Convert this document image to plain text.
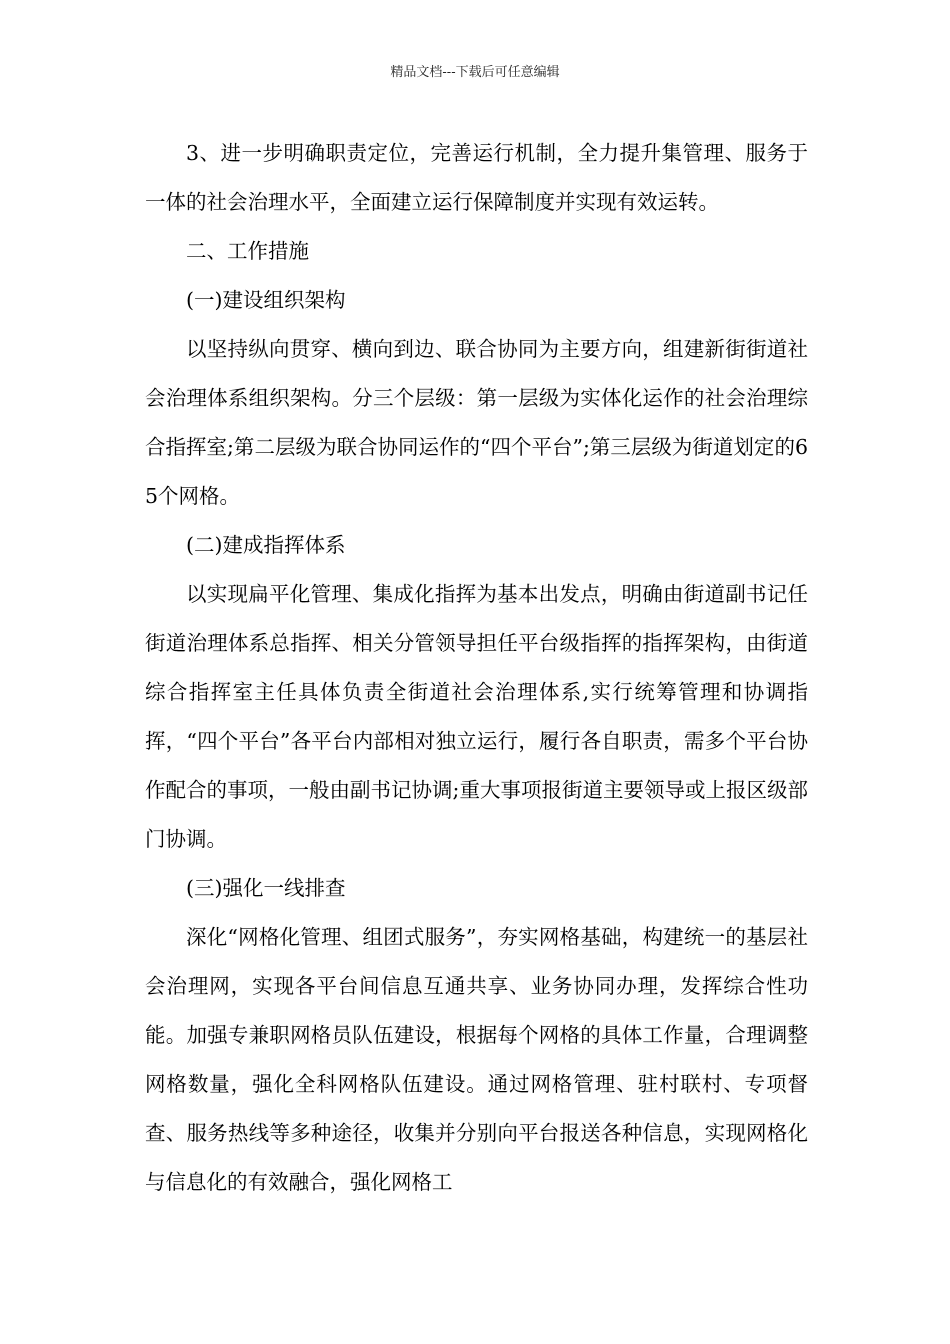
精品文档---下载后可任意编辑

3、进一步明确职责定位，完善运行机制，全力提升集管理、服务于一体的社会治理水平，全面建立运行保障制度并实现有效运转。

二、工作措施

(一)建设组织架构

以坚持纵向贯穿、横向到边、联合协同为主要方向，组建新街街道社会治理体系组织架构。分三个层级：第一层级为实体化运作的社会治理综合指挥室;第二层级为联合协同运作的“四个平台”;第三层级为街道划定的65个网格。

(二)建成指挥体系

以实现扁平化管理、集成化指挥为基本出发点，明确由街道副书记任街道治理体系总指挥、相关分管领导担任平台级指挥的指挥架构，由街道综合指挥室主任具体负责全街道社会治理体系,实行统筹管理和协调指挥，“四个平台”各平台内部相对独立运行，履行各自职责，需多个平台协作配合的事项，一般由副书记协调;重大事项报街道主要领导或上报区级部门协调。

(三)强化一线排查

深化“网格化管理、组团式服务”，夯实网格基础，构建统一的基层社会治理网，实现各平台间信息互通共享、业务协同办理，发挥综合性功能。加强专兼职网格员队伍建设，根据每个网格的具体工作量，合理调整网格数量，强化全科网格队伍建设。通过网格管理、驻村联村、专项督查、服务热线等多种途径，收集并分别向平台报送各种信息，实现网格化与信息化的有效融合，强化网格工
